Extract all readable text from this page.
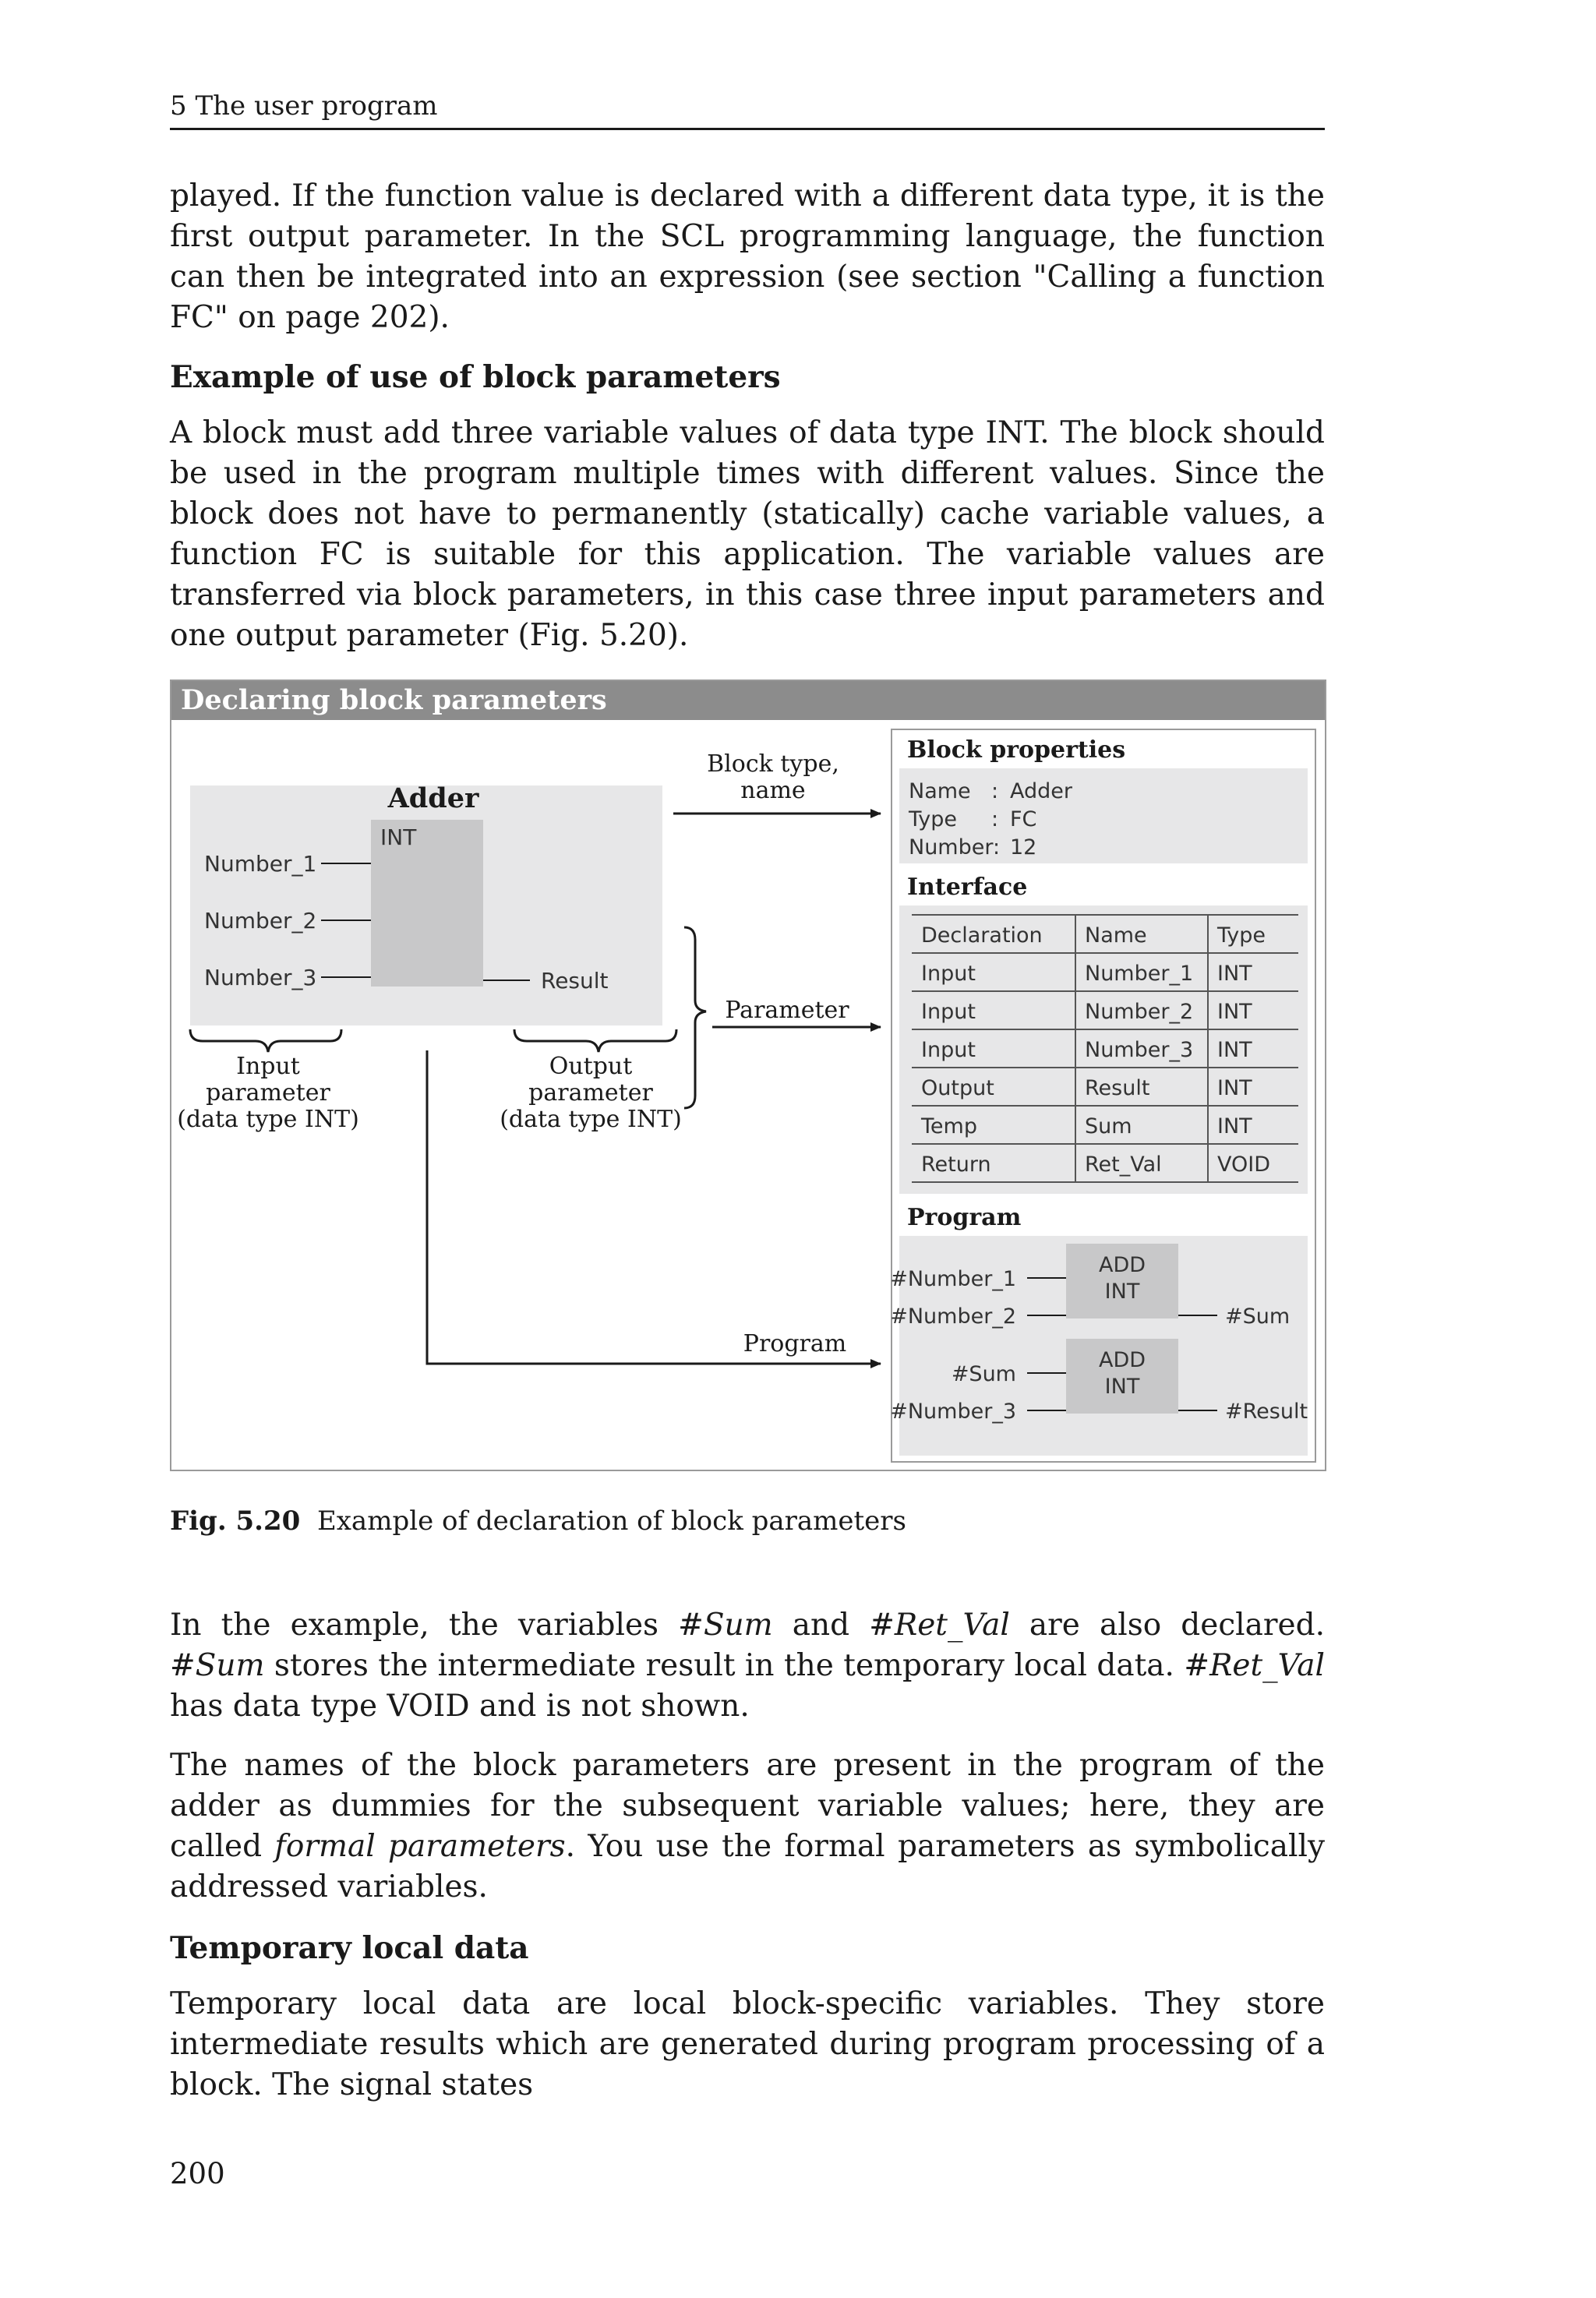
5 The user program

played. If the function value is declared with a different data type, it is the first output parameter. In the SCL programming language, the function can then be integrated into an expression (see section "Calling a function FC" on page 202).

Example of use of block parameters

A block must add three variable values of data type INT. The block should be used in the program multiple times with different values. Since the block does not have to permanently (statically) cache variable values, a function FC is suitable for this application. The variable values are transferred via block parameters, in this case three input parameters and one output parameter (Fig. 5.20).

Declaring block parameters
Adder
INT
Number_1
Number_2
Number_3	Result
Input
parameter
(data type INT)
Output
parameter
(data type INT)
Block type,
name
Parameter
Program
Block properties
Name : Adder
Type : FC
Number: 12
Interface
Declaration Name	Type
Input	Number_1 INT
Input	Number_2 INT
Input	Number_3 INT
Output	Result	INT
Temp	Sum	INT
Return	Ret_Val	VOID
Program
ADD
INT
#Number_1
#Number_2	#Sum
ADD
INT
#Sum
#Number_3	#Result
Fig. 5.20 Example of declaration of block parameters

In the example, the variables #Sum and #Ret_Val are also declared. #Sum stores the intermediate result in the temporary local data. #Ret_Val has data type VOID and is not shown.

The names of the block parameters are present in the program of the adder as dummies for the subsequent variable values; here, they are called formal parameters. You use the formal parameters as symbolically addressed variables.

Temporary local data

Temporary local data are local block-specific variables. They store intermediate results which are generated during program processing of a block. The signal states

200
